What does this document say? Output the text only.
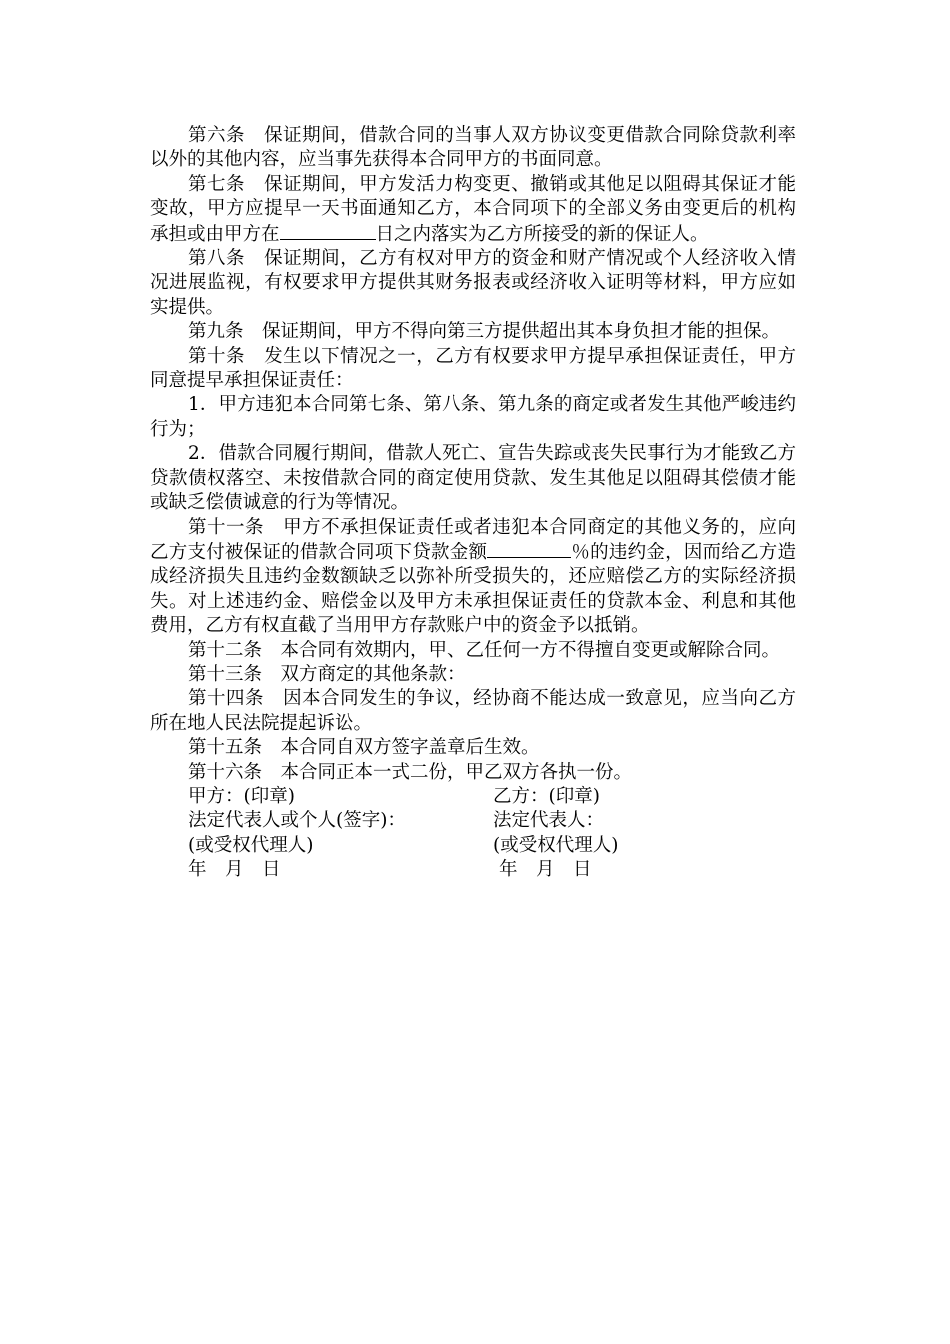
第六条　保证期间，借款合同的当事人双方协议变更借款合同除贷款利率以外的其他内容，应当事先获得本合同甲方的书面同意。

第七条　保证期间，甲方发活力构变更、撤销或其他足以阻碍其保证才能变故，甲方应提早一天书面通知乙方，本合同项下的全部义务由变更后的机构承担或由甲方在	日之内落实为乙方所接受的新的保证人。

第八条　保证期间，乙方有权对甲方的资金和财产情况或个人经济收入情况进展监视，有权要求甲方提供其财务报表或经济收入证明等材料，甲方应如实提供。

第九条　保证期间，甲方不得向第三方提供超出其本身负担才能的担保。

第十条　发生以下情况之一，乙方有权要求甲方提早承担保证责任，甲方同意提早承担保证责任：

1．甲方违犯本合同第七条、第八条、第九条的商定或者发生其他严峻违约行为；

2．借款合同履行期间，借款人死亡、宣告失踪或丧失民事行为才能致乙方贷款债权落空、未按借款合同的商定使用贷款、发生其他足以阻碍其偿债才能或缺乏偿债诚意的行为等情况。

第十一条　甲方不承担保证责任或者违犯本合同商定的其他义务的，应向乙方支付被保证的借款合同项下贷款金额	％的违约金，因而给乙方造成经济损失且违约金数额缺乏以弥补所受损失的，还应赔偿乙方的实际经济损失。对上述违约金、赔偿金以及甲方未承担保证责任的贷款本金、利息和其他费用，乙方有权直截了当用甲方存款账户中的资金予以抵销。

第十二条　本合同有效期内，甲、乙任何一方不得擅自变更或解除合同。

第十三条　双方商定的其他条款：

第十四条　因本合同发生的争议，经协商不能达成一致意见，应当向乙方所在地人民法院提起诉讼。

第十五条　本合同自双方签字盖章后生效。

第十六条　本合同正本一式二份，甲乙双方各执一份。

甲方：(印章)	乙方：(印章)
法定代表人或个人(签字)：	法定代表人：
(或受权代理人)	(或受权代理人)
年　月　日	年　月　日
